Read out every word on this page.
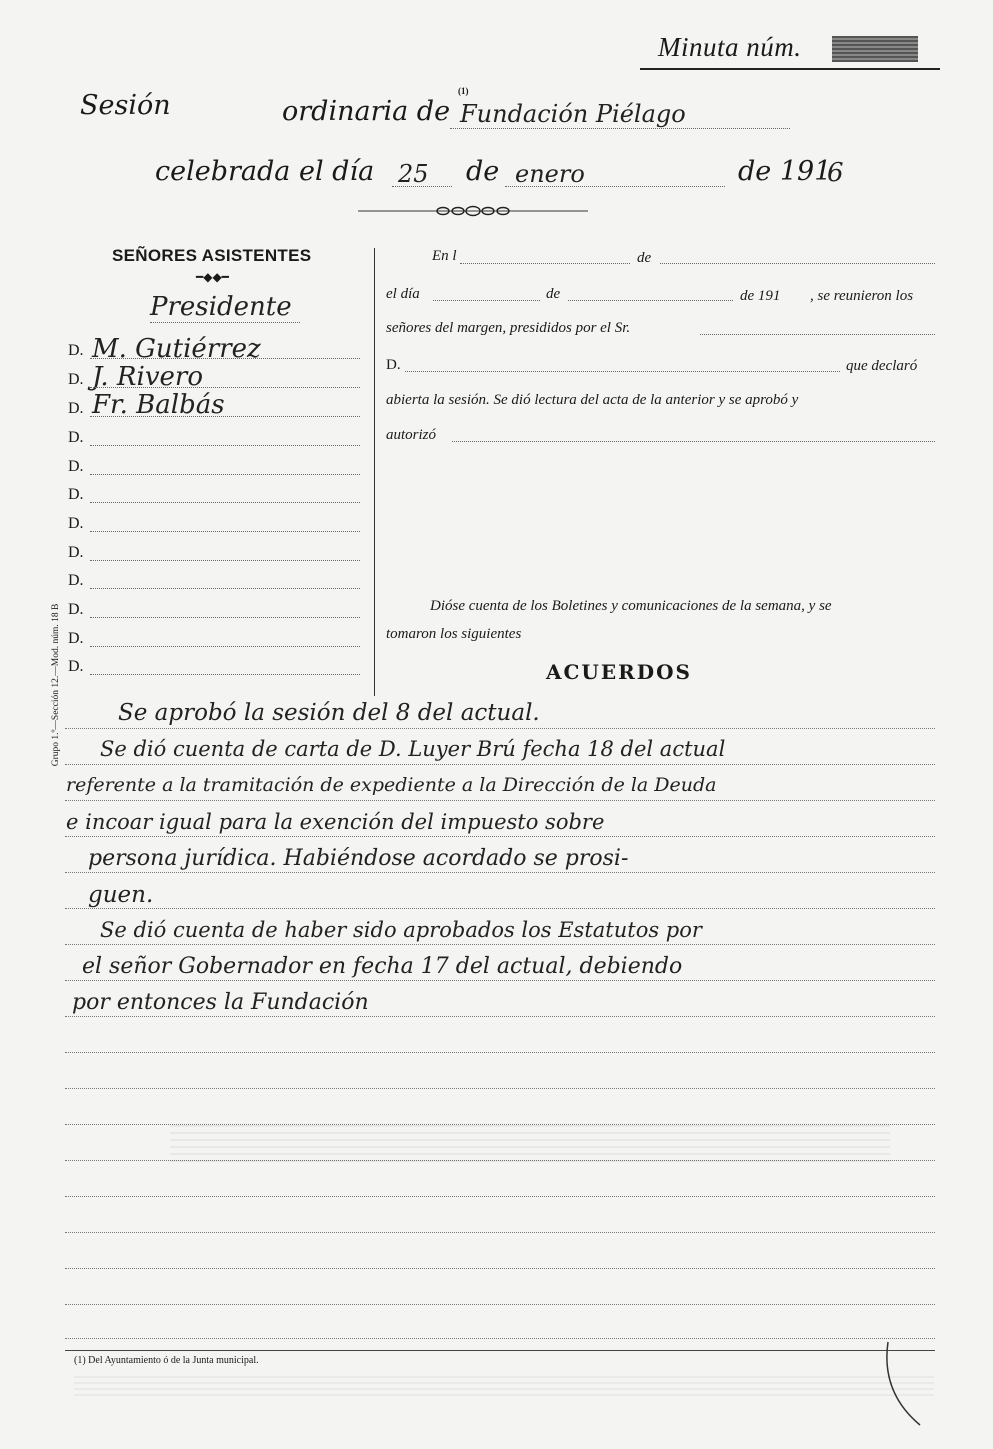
Minuta núm.
Sesión	ordinaria de
(1)
Fundación Piélago
celebrada el día 25 de enero	de 191
6
SEÑORES ASISTENTES
━◆◆━
Presidente
D. M. Gutiérrez
D. J. Rivero
D. Fr. Balbás
D.
D.
D.
D.
D.
D.
D.
D.
D.
Grupo 1.º—Sección 12.—Mod. núm. 18 B
En l	de
el día	de	de 191 , se reunieron los
señores del margen, presididos por el Sr.
D.	que declaró
abierta la sesión. Se dió lectura del acta de la anterior y se aprobó y
autorizó
Dióse cuenta de los Boletines y comunicaciones de la semana, y se
tomaron los siguientes
ACUERDOS
Se aprobó la sesión del 8 del actual.
Se dió cuenta de carta de D. Luyer Brú fecha 18 del actual
referente a la tramitación de expediente a la Dirección de la Deuda
e incoar igual para la exención del impuesto sobre
persona jurídica. Habiéndose acordado se prosi-
guen.
Se dió cuenta de haber sido aprobados los Estatutos por
el señor Gobernador en fecha 17 del actual, debiendo
por entonces la Fundación
(1) Del Ayuntamiento ó de la Junta municipal.
